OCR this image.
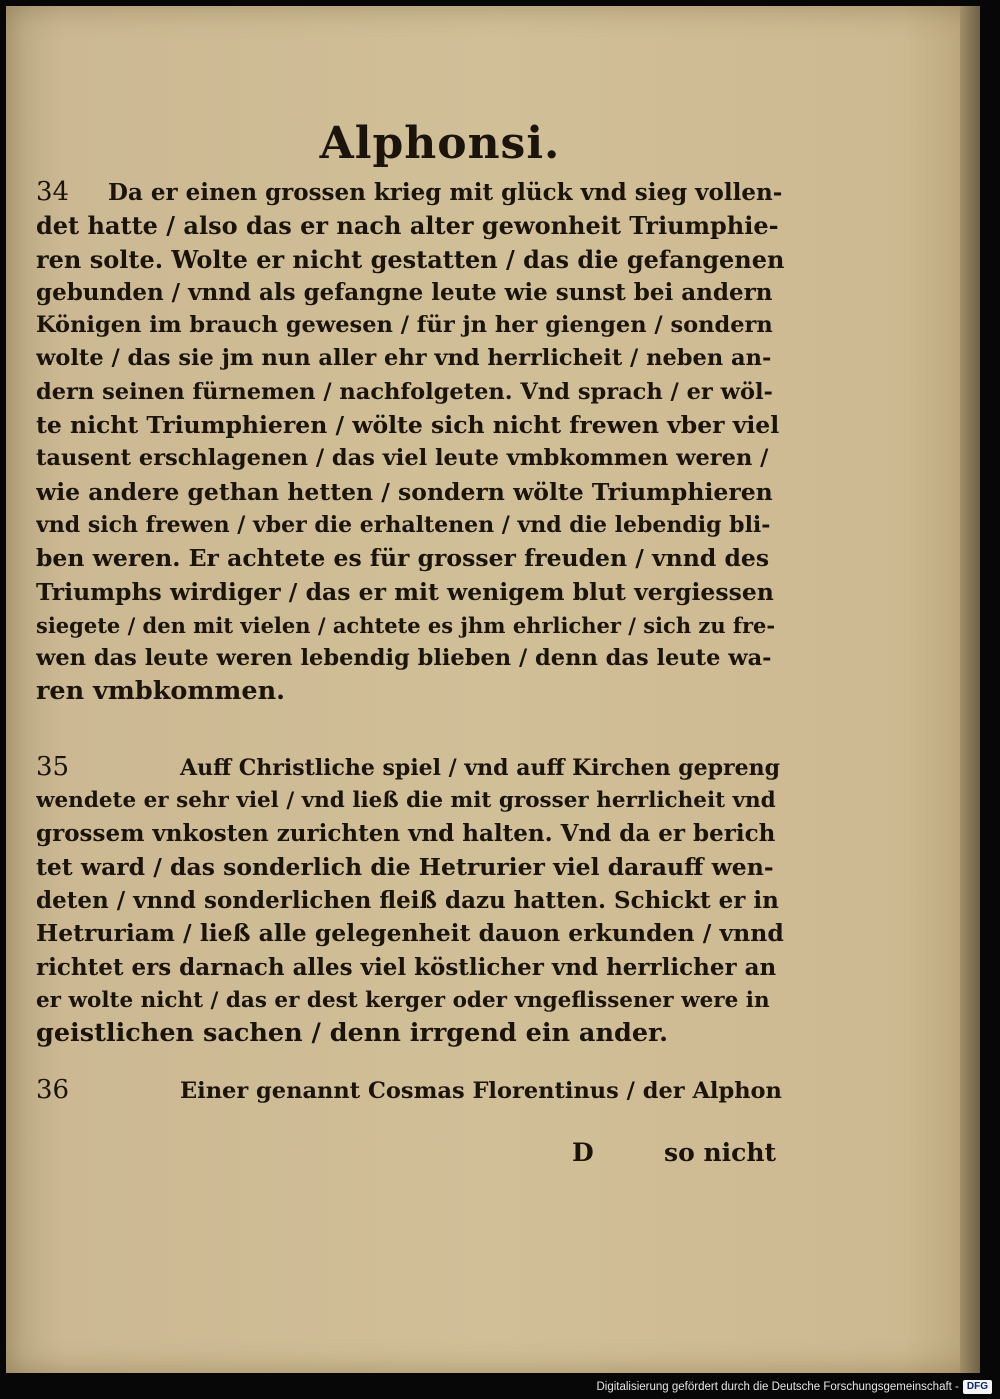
Alphonsi.
34 Da er einen grossen krieg mit glück vnd sieg vollen-
det hatte / also das er nach alter gewonheit Triumphie-
ren solte. Wolte er nicht gestatten / das die gefangenen
gebunden / vnnd als gefangne leute wie sunst bei andern
Königen im brauch gewesen / für jn her giengen / sondern
wolte / das sie jm nun aller ehr vnd herrlicheit / neben an-
dern seinen fürnemen / nachfolgeten. Vnd sprach / er wöl-
te nicht Triumphieren / wölte sich nicht frewen vber viel
tausent erschlagenen / das viel leute vmbkommen weren /
wie andere gethan hetten / sondern wölte Triumphieren
vnd sich frewen / vber die erhaltenen / vnd die lebendig bli-
ben weren. Er achtete es für grosser freuden / vnnd des
Triumphs wirdiger / das er mit wenigem blut vergiessen
siegete / den mit vielen / achtete es jhm ehrlicher / sich zu fre-
wen das leute weren lebendig blieben / denn das leute wa-
ren vmbkommen.
35	Auff Christliche spiel / vnd auff Kirchen gepreng
wendete er sehr viel / vnd ließ die mit grosser herrlicheit vnd
grossem vnkosten zurichten vnd halten. Vnd da er berich
tet ward / das sonderlich die Hetrurier viel darauff wen-
deten / vnnd sonderlichen fleiß dazu hatten. Schickt er in
Hetruriam / ließ alle gelegenheit dauon erkunden / vnnd
richtet ers darnach alles viel köstlicher vnd herrlicher an
er wolte nicht / das er dest kerger oder vngeflissener were in
geistlichen sachen / denn irrgend ein ander.
36	Einer genannt Cosmas Florentinus / der Alphon
D	so nicht
Digitalisierung gefördert durch die Deutsche Forschungsgemeinschaft - DFG
